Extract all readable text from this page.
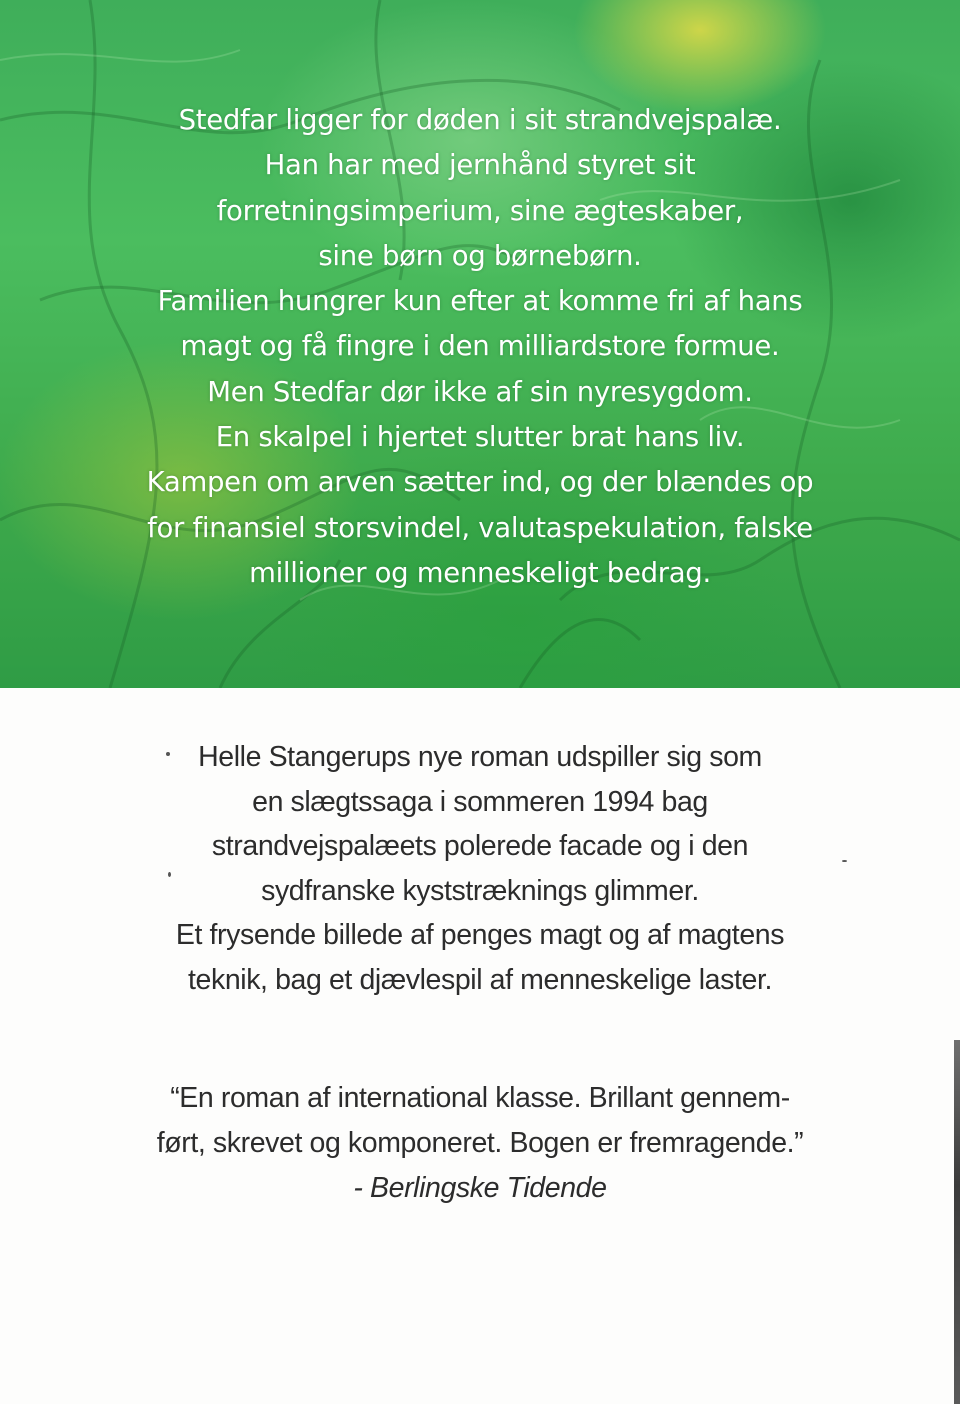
Stedfar ligger for døden i sit strandvejspalæ.
Han har med jernhånd styret sit
forretningsimperium, sine ægteskaber,
sine børn og børnebørn.
Familien hungrer kun efter at komme fri af hans
magt og få fingre i den milliardstore formue.
Men Stedfar dør ikke af sin nyresygdom.
En skalpel i hjertet slutter brat hans liv.
Kampen om arven sætter ind, og der blændes op
for finansiel storsvindel, valutaspekulation, falske
millioner og menneskeligt bedrag.
Helle Stangerups nye roman udspiller sig som
en slægtssaga i sommeren 1994 bag
strandvejspalæets polerede facade og i den
sydfranske kyststræknings glimmer.
Et frysende billede af penges magt og af magtens
teknik, bag et djævlespil af menneskelige laster.
“En roman af international klasse. Brillant gennem-
ført, skrevet og komponeret. Bogen er fremragende.”
- Berlingske Tidende
